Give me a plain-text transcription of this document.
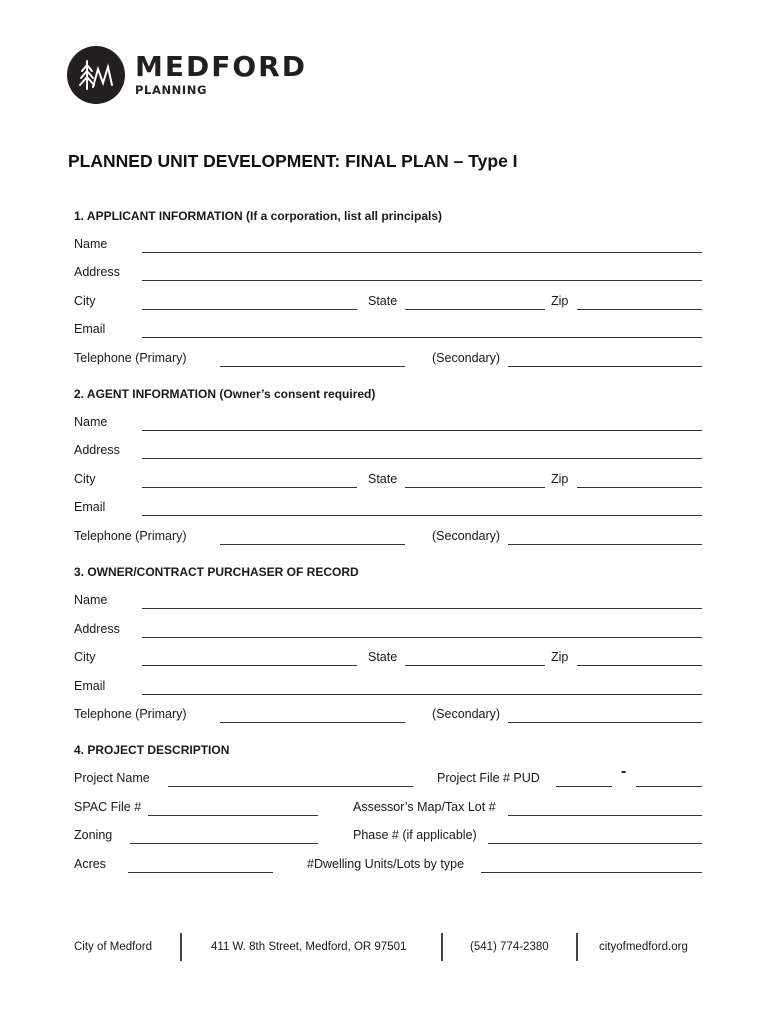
MEDFORD
PLANNING
PLANNED UNIT DEVELOPMENT: FINAL PLAN – Type I
1. APPLICANT INFORMATION (If a corporation, list all principals)
Name
Address
City	State	Zip
Email
Telephone (Primary)	(Secondary)
2. AGENT INFORMATION (Owner’s consent required)
Name
Address
City	State	Zip
Email
Telephone (Primary)	(Secondary)
3. OWNER/CONTRACT PURCHASER OF RECORD
Name
Address
City	State	Zip
Email
Telephone (Primary)	(Secondary)
4. PROJECT DESCRIPTION
Project Name	Project File # PUD	-
SPAC File #	Assessor’s Map/Tax Lot #
Zoning	Phase # (if applicable)
Acres	#Dwelling Units/Lots by type
City of Medford	411 W. 8th Street, Medford, OR 97501	(541) 774-2380	cityofmedford.org
